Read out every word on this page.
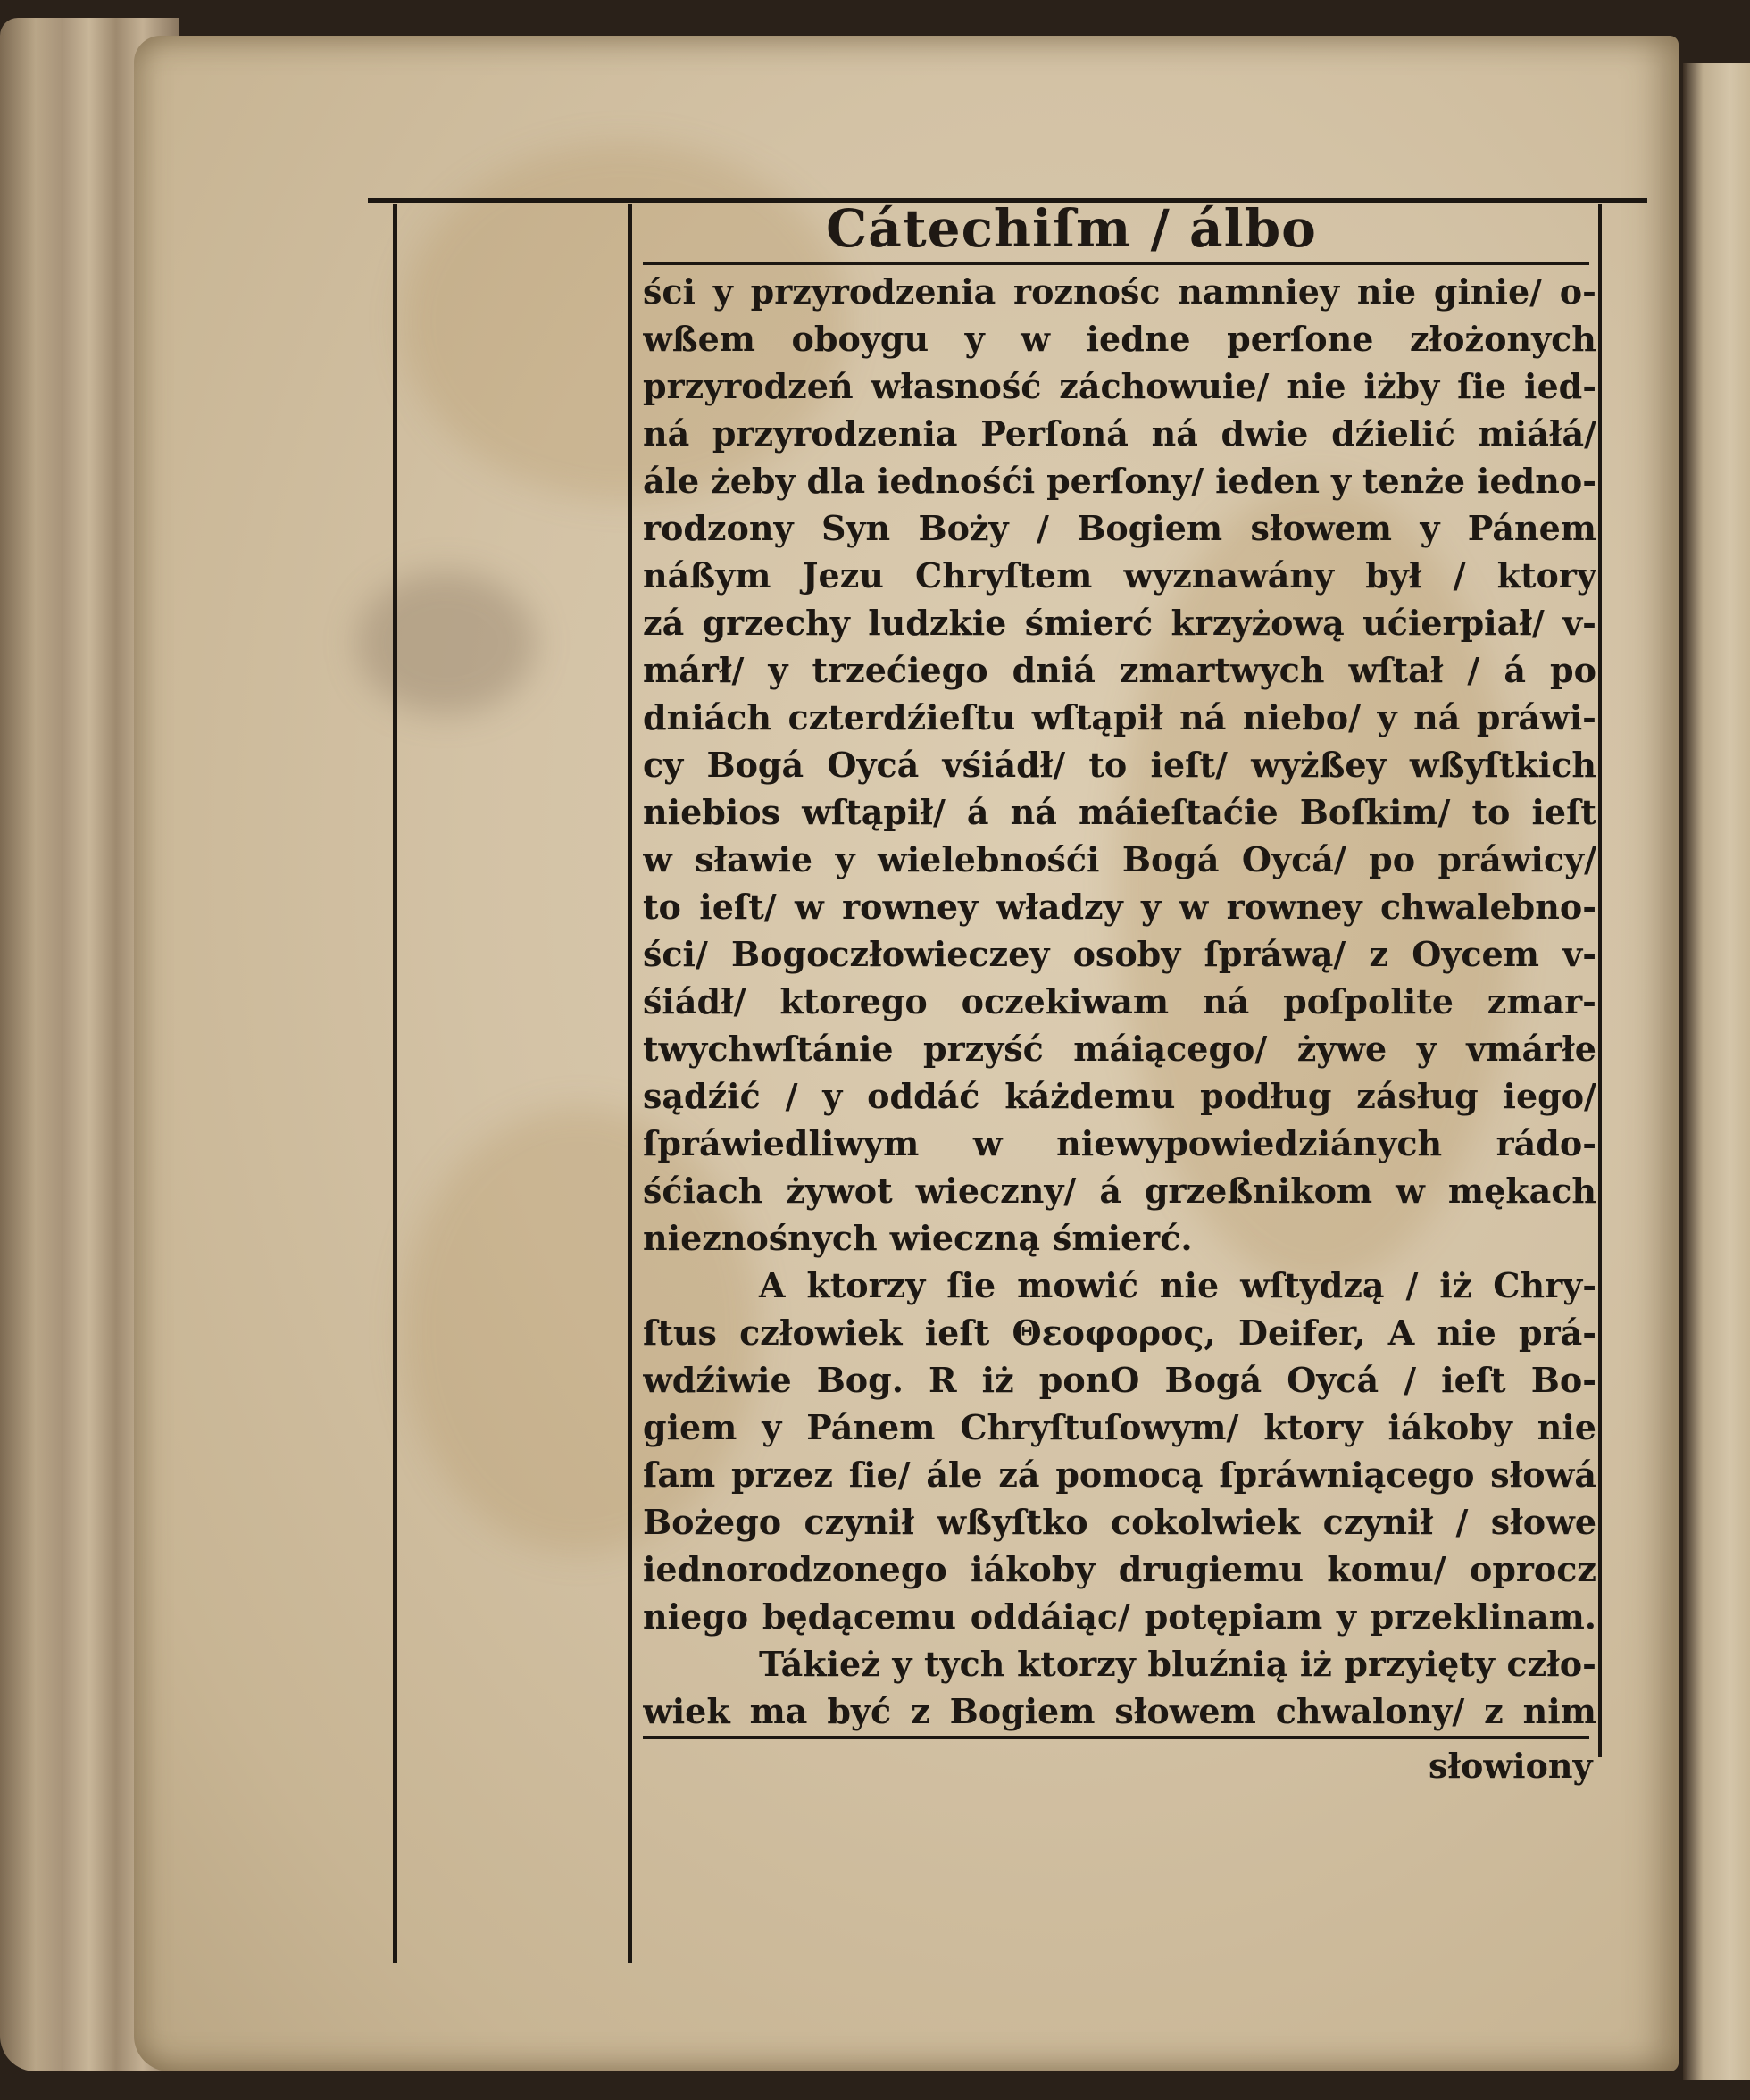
Cátechiſm / álbo
ści y przyrodzenia roznośc namniey nie ginie/ o-
wßem oboygu y w iedne perſone złożonych
przyrodzeń własność záchowuie/ nie iżby ſie ied-
ná przyrodzenia Perſoná ná dwie dźielić miáłá/
ále żeby dla iednośći perſony/ ieden y tenże iedno-
rodzony Syn Boży / Bogiem słowem y Pánem
náßym Jezu Chryſtem wyznawány był / ktory
zá grzechy ludzkie śmierć krzyżową ućierpiał/ v-
márł/ y trzećiego dniá zmartwych wſtał / á po
dniách czterdźieſtu wſtąpił ná niebo/ y ná práwi-
cy Bogá Oycá vśiádł/ to ieſt/ wyżßey wßyſtkich
niebios wſtąpił/ á ná máieſtaćie Boſkim/ to ieſt
w sławie y wielebnośći Bogá Oycá/ po práwicy/
to ieſt/ w rowney władzy y w rowney chwalebno-
ści/ Bogoczłowieczey osoby ſpráwą/ z Oycem v-
śiádł/ ktorego oczekiwam ná poſpolite zmar-
twychwſtánie przyść máiącego/ żywe y vmárłe
sądźić / y oddáć káżdemu podług zásług iego/
ſpráwiedliwym w niewypowiedziánych rádo-
śćiach żywot wieczny/ á grzeßnikom w mękach
nieznośnych wieczną śmierć.
A ktorzy ſie mowić nie wſtydzą / iż Chry-
ſtus człowiek ieſt Θεοφορος, Deifer, A nie prá-
wdźiwie Bog. R iż ponO Bogá Oycá / ieſt Bo-
giem y Pánem Chryſtuſowym/ ktory iákoby nie
ſam przez ſie/ ále zá pomocą ſpráwniącego słowá
Bożego czynił wßyſtko cokolwiek czynił / słowe
iednorodzonego iákoby drugiemu komu/ oprocz
niego będącemu oddáiąc/ potępiam y przeklinam.
Tákież y tych ktorzy bluźnią iż przyięty czło-
wiek ma być z Bogiem słowem chwalony/ z nim
słowiony
